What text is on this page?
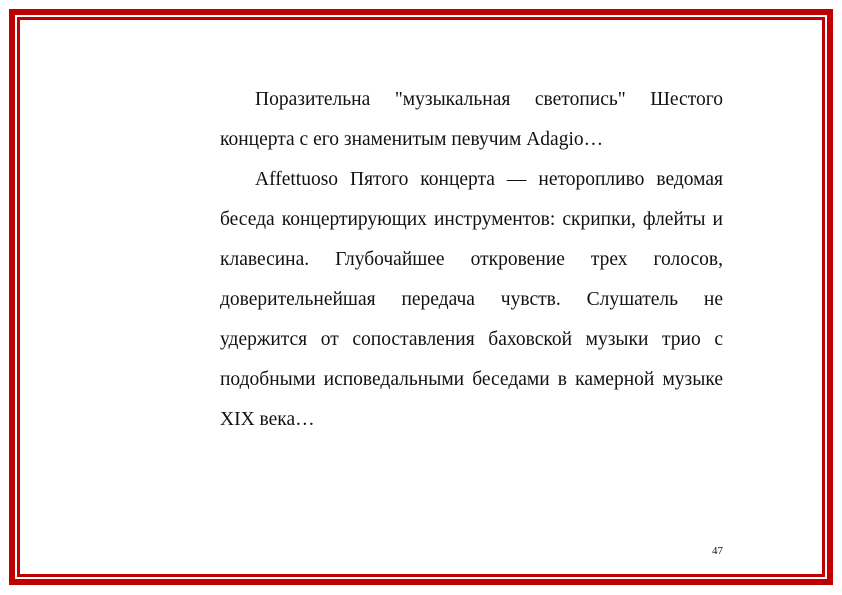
Поразительна "музыкальная светопись" Шестого концерта с его знаменитым певучим Adagio…

Affettuoso Пятого концерта — неторопливо ведомая беседа концертирующих инструментов: скрипки, флейты и клавесина. Глубочайшее откровение трех голосов, доверительнейшая передача чувств. Слушатель не удержится от сопоставления баховской музыки трио с подобными исповедальными беседами в камерной музыке XIX века…

47
